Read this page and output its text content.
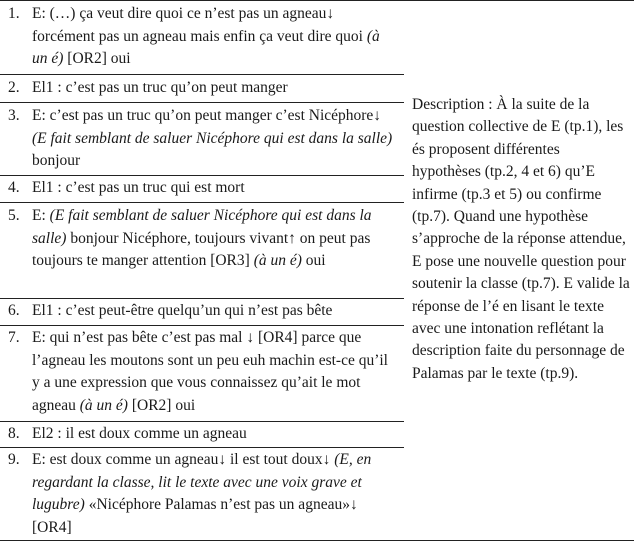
1. E: (…) ça veut dire quoi ce n’est pas un agneau↓ forcément pas un agneau mais enfin ça veut dire quoi (à un é) [OR2] oui
2. El1 : c’est pas un truc qu’on peut manger
3. E: c’est pas un truc qu’on peut manger c’est Nicéphore↓ (E fait semblant de saluer Nicéphore qui est dans la salle) bonjour
4. El1 : c’est pas un truc qui est mort
5. E: (E fait semblant de saluer Nicéphore qui est dans la salle) bonjour Nicéphore, toujours vivant↑ on peut pas toujours te manger attention [OR3] (à un é) oui
6. El1 : c’est peut-être quelqu’un qui n’est pas bête
7. E: qui n’est pas bête c’est pas mal ↓ [OR4] parce que l’agneau les moutons sont un peu euh machin est-ce qu’il y a une expression que vous connaissez qu’ait le mot agneau (à un é) [OR2] oui
8. El2 : il est doux comme un agneau
9. E: est doux comme un agneau↓ il est tout doux↓ (E, en regardant la classe, lit le texte avec une voix grave et lugubre) «Nicéphore Palamas n’est pas un agneau»↓ [OR4]
Description : À la suite de la question collective de E (tp.1), les és proposent différentes hypothèses (tp.2, 4 et 6) qu’E infirme (tp.3 et 5) ou confirme (tp.7). Quand une hypothèse s’approche de la réponse attendue, E pose une nouvelle question pour soutenir la classe (tp.7). E valide la réponse de l’é en lisant le texte avec une intonation reflétant la description faite du personnage de Palamas par le texte (tp.9).
